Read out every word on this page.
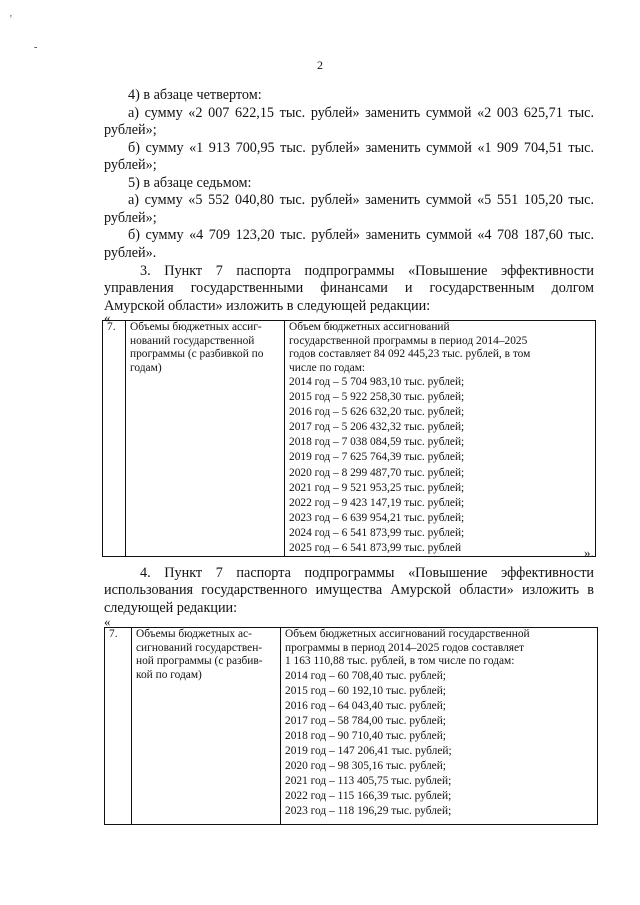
'
-
2
4) в абзаце четвертом:
а) сумму «2 007 622,15 тыс. рублей» заменить суммой «2 003 625,71 тыс.
рублей»;
б) сумму «1 913 700,95 тыс. рублей» заменить суммой «1 909 704,51 тыс.
рублей»;
5) в абзаце седьмом:
а) сумму «5 552 040,80 тыс. рублей» заменить суммой «5 551 105,20 тыс.
рублей»;
б) сумму «4 709 123,20 тыс. рублей» заменить суммой «4 708 187,60 тыс.
рублей».
3. Пункт 7 паспорта подпрограммы «Повышение эффективности
управления государственными финансами и государственным долгом
Амурской области» изложить в следующей редакции:
«
7.	Объемы бюджетных ассиг-
нований государственной
программы (с разбивкой по
годам)

Объем бюджетных ассигнований
государственной программы в период 2014–2025
годов составляет 84 092 445,23 тыс. рублей, в том
числе по годам:
2014 год – 5 704 983,10 тыс. рублей;
2015 год – 5 922 258,30 тыс. рублей;
2016 год – 5 626 632,20 тыс. рублей;
2017 год – 5 206 432,32 тыс. рублей;
2018 год – 7 038 084,59 тыс. рублей;
2019 год – 7 625 764,39 тыс. рублей;
2020 год – 8 299 487,70 тыс. рублей;
2021 год – 9 521 953,25 тыс. рублей;
2022 год – 9 423 147,19 тыс. рублей;
2023 год – 6 639 954,21 тыс. рублей;
2024 год – 6 541 873,99 тыс. рублей;
2025 год – 6 541 873,99 тыс. рублей	».
4. Пункт 7 паспорта подпрограммы «Повышение эффективности
использования государственного имущества Амурской области» изложить в
следующей редакции:
«
7.	Объемы бюджетных ас-
сигнований государствен-
ной программы (с разбив-
кой по годам)

Объем бюджетных ассигнований государственной
программы в период 2014–2025 годов составляет
1 163 110,88 тыс. рублей, в том числе по годам:
2014 год – 60 708,40 тыс. рублей;
2015 год – 60 192,10 тыс. рублей;
2016 год – 64 043,40 тыс. рублей;
2017 год – 58 784,00 тыс. рублей;
2018 год – 90 710,40 тыс. рублей;
2019 год – 147 206,41 тыс. рублей;
2020 год – 98 305,16 тыс. рублей;
2021 год – 113 405,75 тыс. рублей;
2022 год – 115 166,39 тыс. рублей;
2023 год – 118 196,29 тыс. рублей;
